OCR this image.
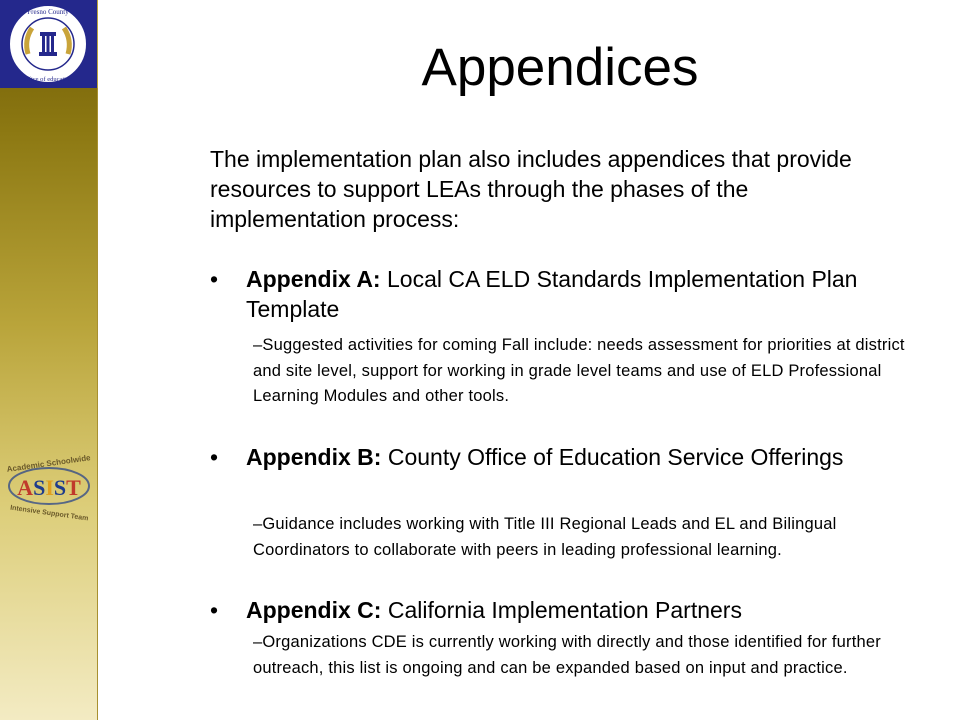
Fresno County
office of education
Academic Schoolwide
ASIST
Intensive Support Team
Appendices

The implementation plan also includes appendices that provide resources to support LEAs through the phases of the implementation process:

• Appendix A: Local CA ELD Standards Implementation Plan Template
–Suggested activities for coming Fall include: needs assessment for priorities at district and site level, support for working in grade level teams and use of ELD Professional Learning Modules and other tools.
• Appendix B: County Office of Education Service Offerings
–Guidance includes working with Title III Regional Leads and EL and Bilingual Coordinators to collaborate with peers in leading professional learning.
• Appendix C: California Implementation Partners
–Organizations CDE is currently working with directly and those identified for further outreach, this list is ongoing and can be expanded based on input and practice.
